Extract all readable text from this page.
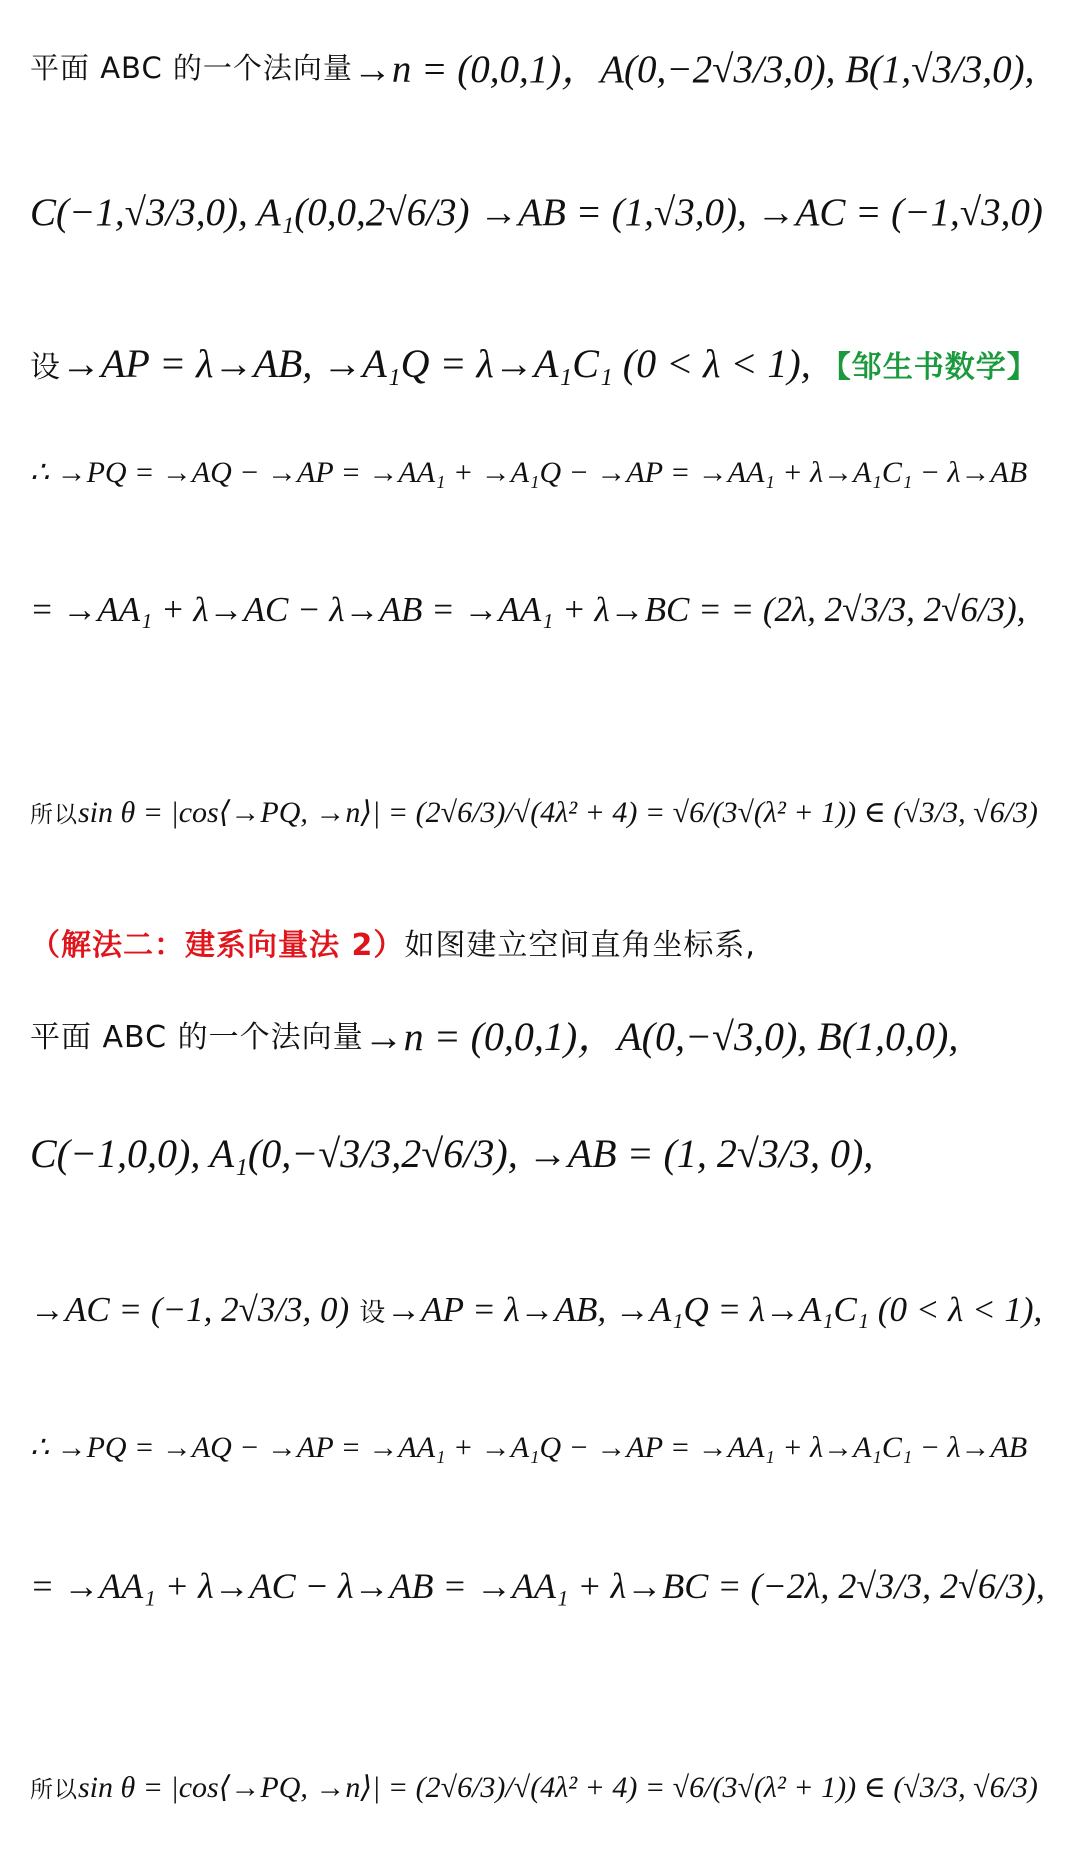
平面 ABC 的一个法向量 →n = (0,0,1)，A(0,−2√3/3,0), B(1,√3/3,0),
C(−1,√3/3,0), A₁(0,0,2√6/3) →AB = (1,√3,0), →AC = (−1,√3,0)
设 →AP = λ→AB, →A₁Q = λ→A₁C₁ (0 < λ < 1), 【邹生书数学】
∴ →PQ = →AQ − →AP = →AA₁ + →A₁Q − →AP = →AA₁ + λ→A₁C₁ − λ→AB
= →AA₁ + λ→AC − λ→AB = →AA₁ + λ→BC = = (2λ, 2√3/3, 2√6/3),
所以 sin θ = |cos⟨→PQ, →n⟩| = (2√6/3)/√(4λ² + 4) = √6/(3√(λ² + 1)) ∈ (√3/3, √6/3)
（解法二：建系向量法 2） 如图建立空间直角坐标系,
平面 ABC 的一个法向量 →n = (0,0,1)，A(0,−√3,0), B(1,0,0),
C(−1,0,0), A₁(0,−√3/3,2√6/3), →AB = (1, 2√3/3, 0),
→AC = (−1, 2√3/3, 0) 设 →AP = λ→AB, →A₁Q = λ→A₁C₁ (0 < λ < 1),
∴ →PQ = →AQ − →AP = →AA₁ + →A₁Q − →AP = →AA₁ + λ→A₁C₁ − λ→AB
= →AA₁ + λ→AC − λ→AB = →AA₁ + λ→BC = (−2λ, 2√3/3, 2√6/3),
所以 sin θ = |cos⟨→PQ, →n⟩| = (2√6/3)/√(4λ² + 4) = √6/(3√(λ² + 1)) ∈ (√3/3, √6/3)
